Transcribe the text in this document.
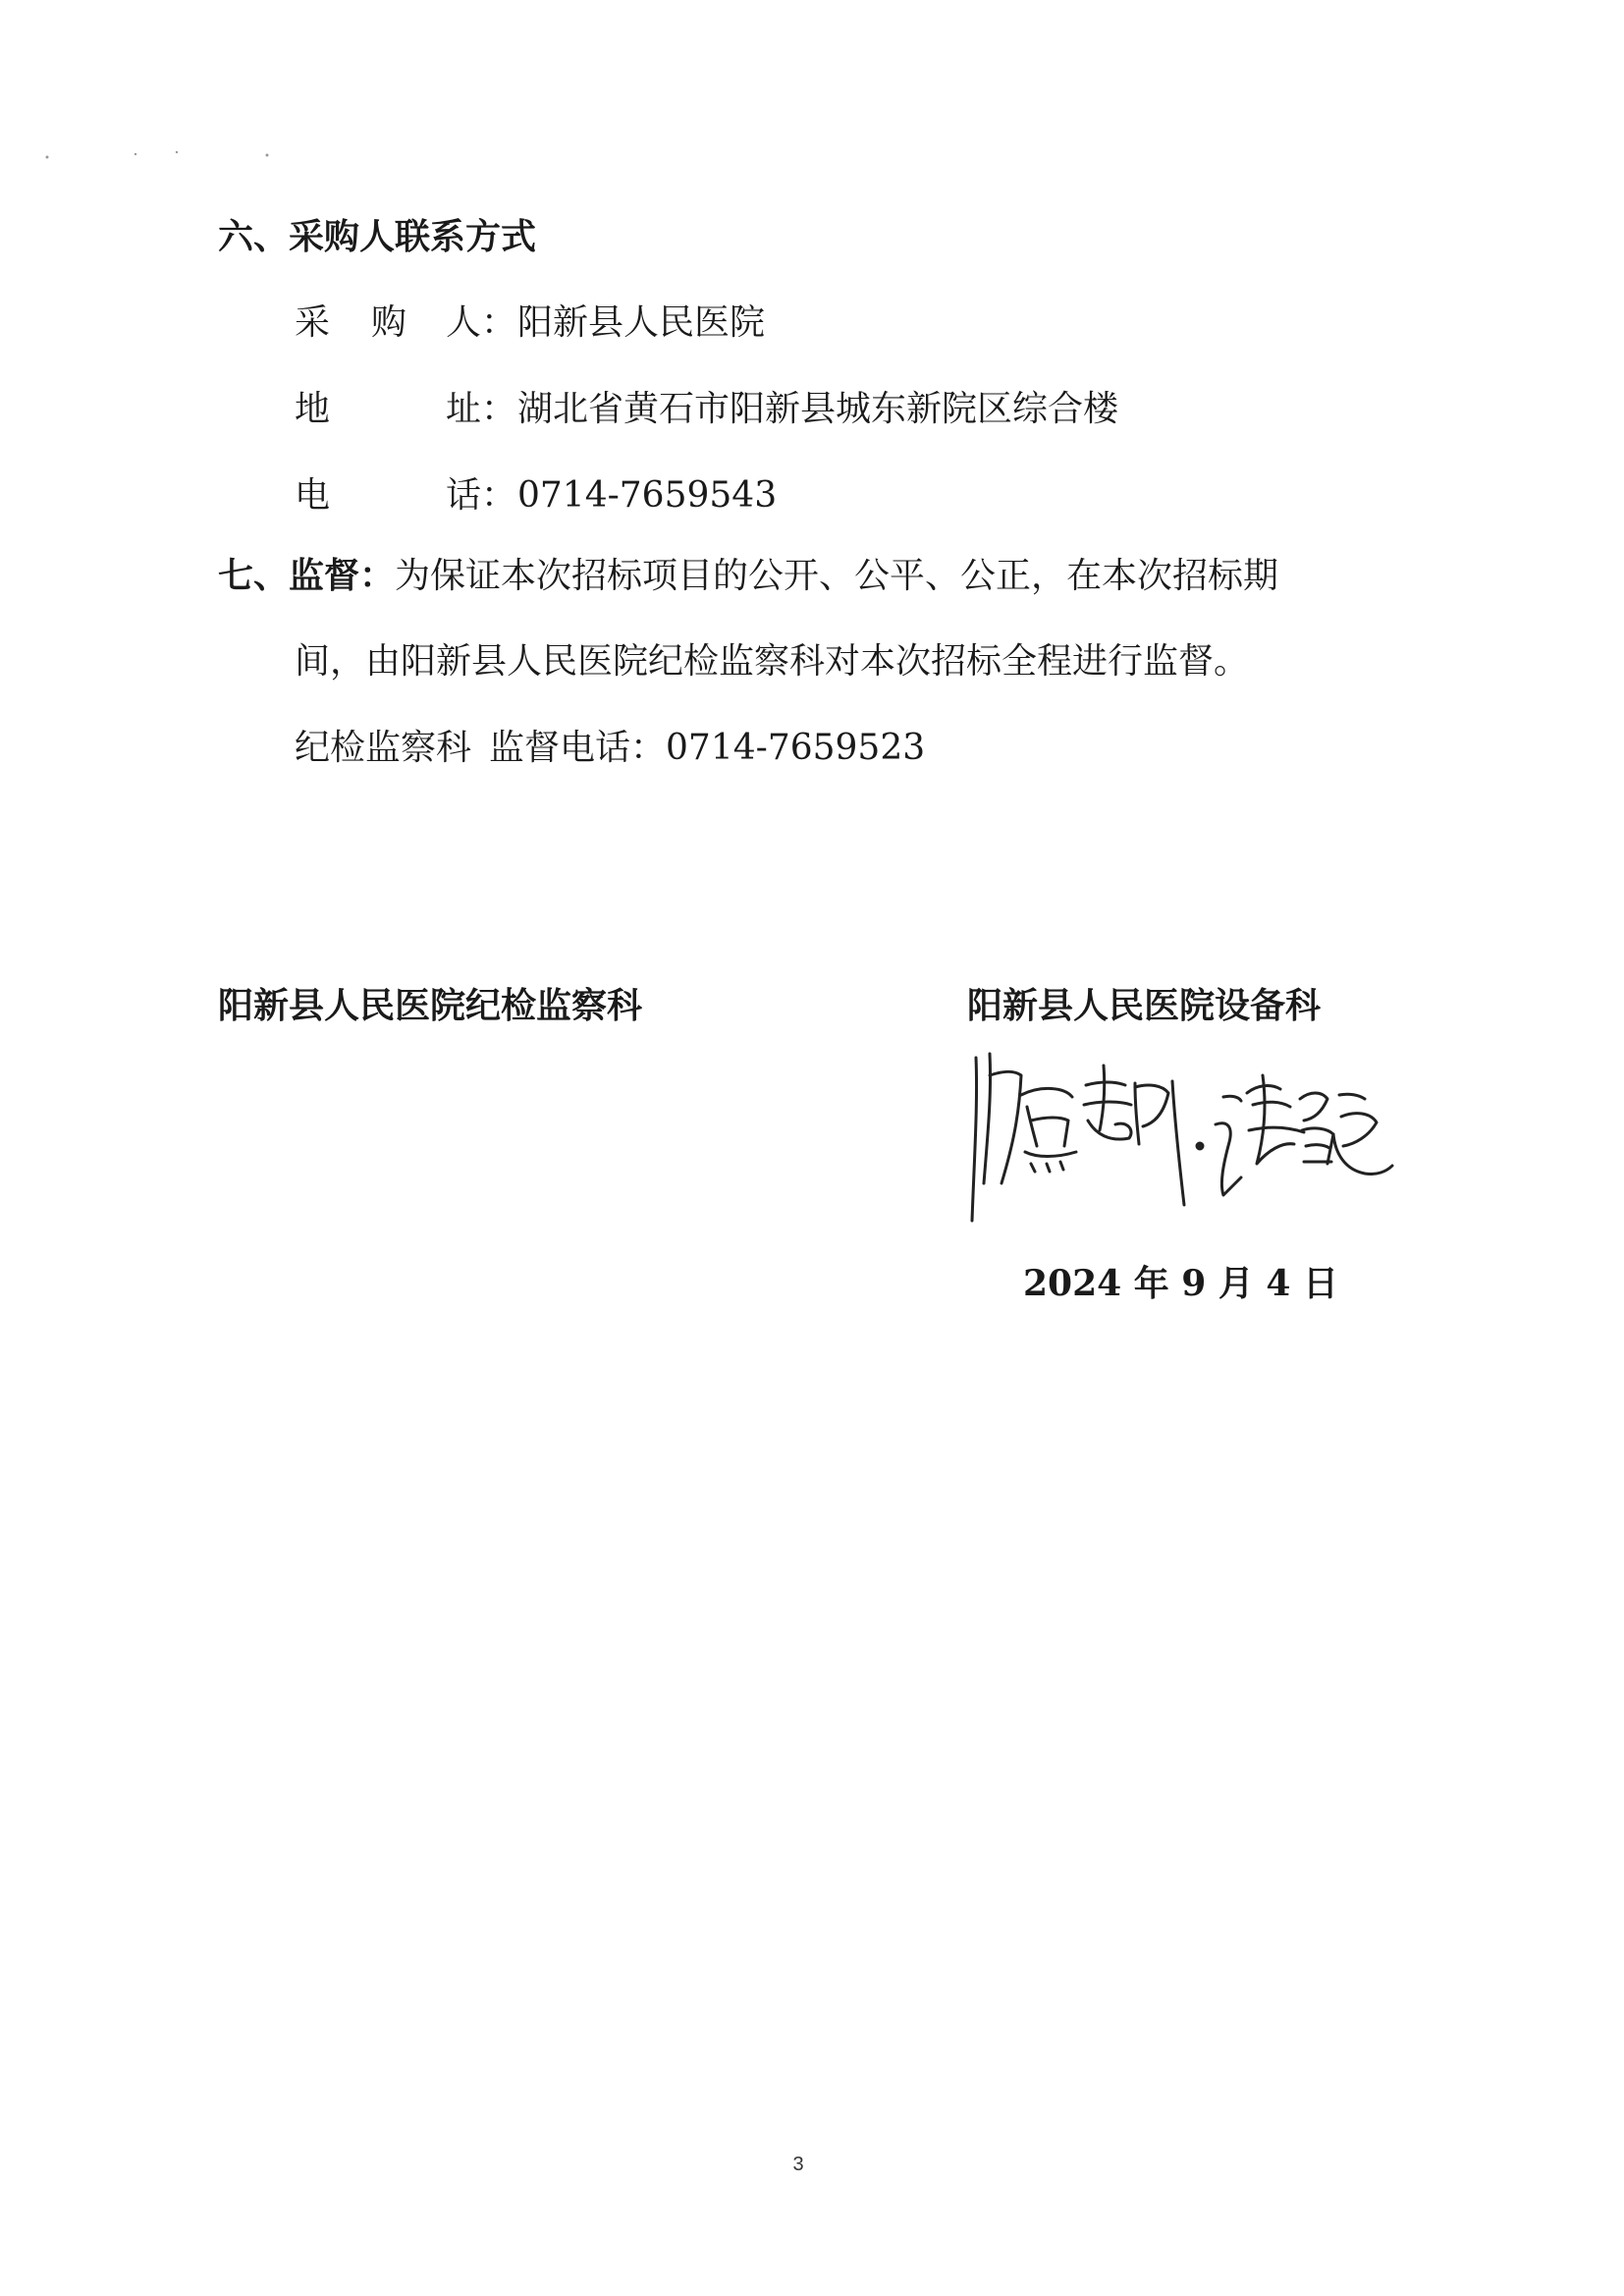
六、采购人联系方式
采 购 人：阳新县人民医院
地	址：湖北省黄石市阳新县城东新院区综合楼
电	话：0714-7659543
七、监督：为保证本次招标项目的公开、公平、公正，在本次招标期
间，由阳新县人民医院纪检监察科对本次招标全程进行监督。
纪检监察科 监督电话：0714-7659523
阳新县人民医院纪检监察科	阳新县人民医院设备科
2024 年 9 月 4 日
3
